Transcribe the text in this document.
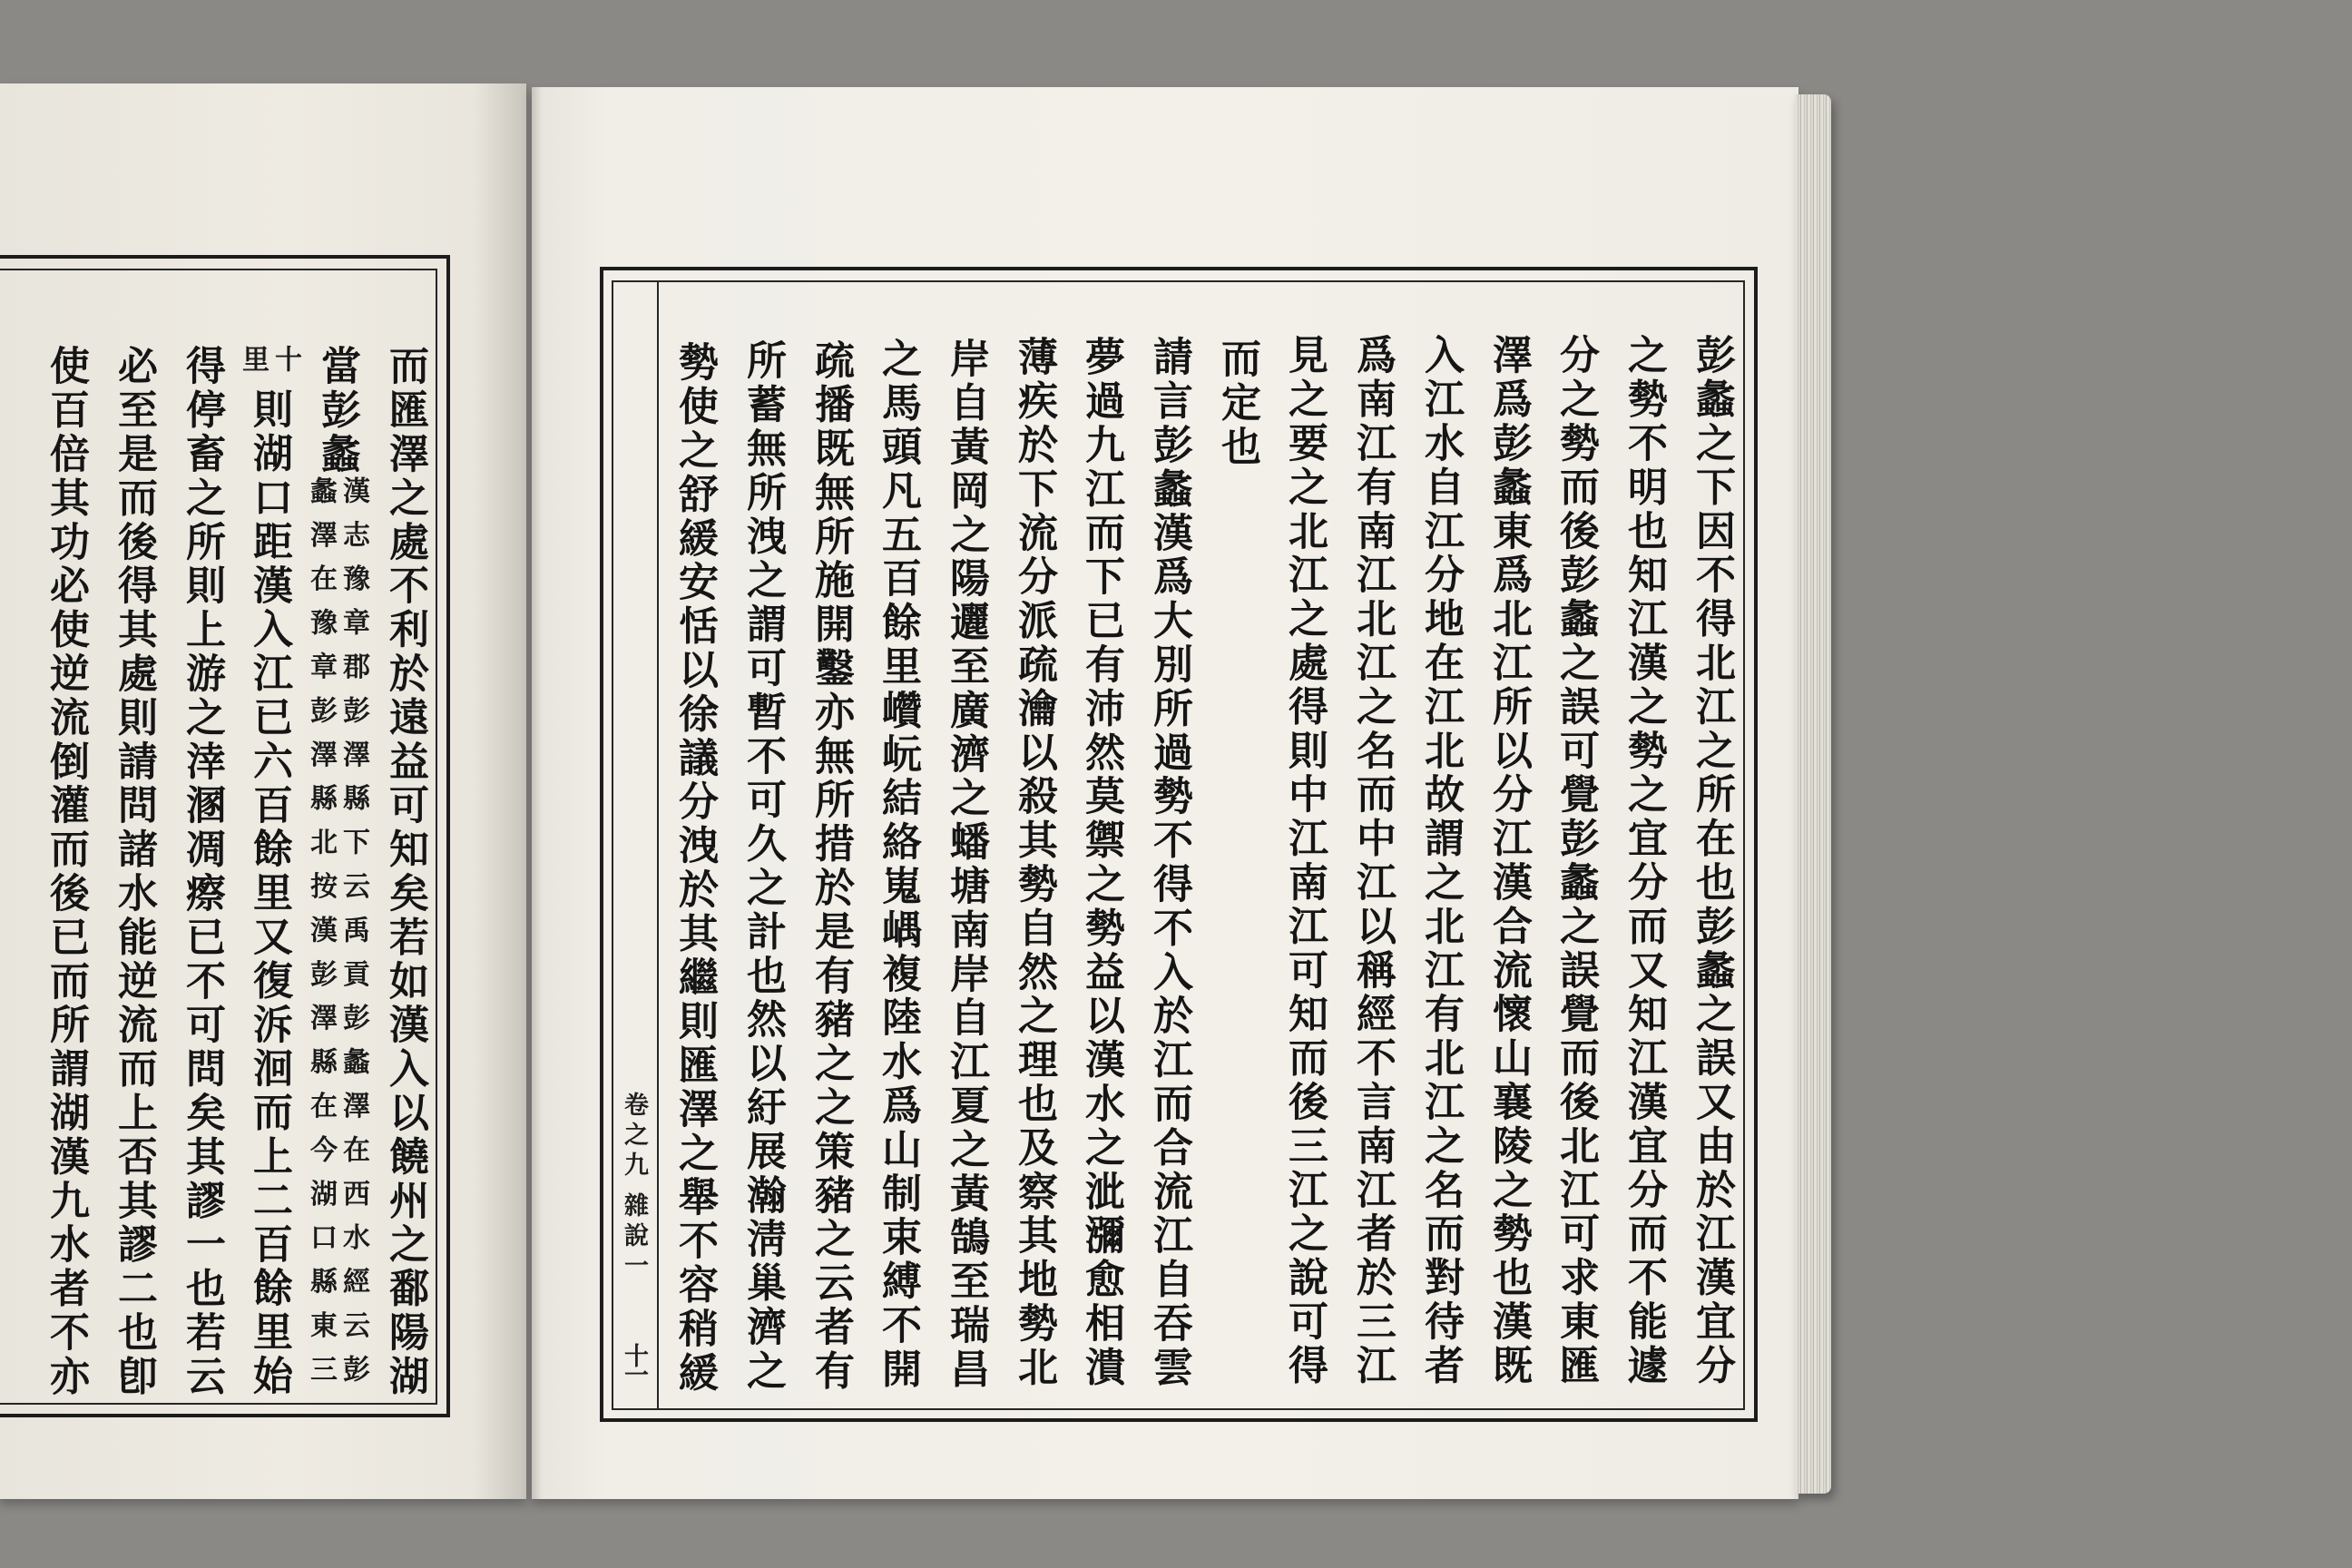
卷之九
雜說一
十一	彭蠡之下因不得北江之所在也彭蠡之誤又由於江漢宜分
之勢不明也知江漢之勢之宜分而又知江漢宜分而不能遽
分之勢而後彭蠡之誤可覺彭蠡之誤覺而後北江可求東匯
澤爲彭蠡東爲北江所以分江漢合流懷山襄陵之勢也漢既
入江水自江分地在江北故謂之北江有北江之名而對待者
爲南江有南江北江之名而中江以稱經不言南江者於三江
見之要之北江之處得則中江南江可知而後三江之說可得
而定也
請言彭蠡漢爲大別所過勢不得不入於江而合流江自吞雲
夢過九江而下已有沛然莫禦之勢益以漢水之泚瀰愈相潰
薄疾於下流分派疏瀹以殺其勢自然之理也及察其地勢北
岸自黃岡之陽邐至廣濟之蟠塘南岸自江夏之黃鵠至瑞昌
之馬頭凡五百餘里巑岏結絡嵬嵎複陸水爲山制束縛不開
疏播既無所施開鑿亦無所措於是有豬之之策豬之云者有
所蓄無所洩之謂可暫不可久之計也然以紆展瀚淸巢濟之
勢使之舒緩安恬以徐議分洩於其繼則匯澤之舉不容稍緩
而匯澤之處不利於遠益可知矣若如漢入以饒州之鄱陽湖
當彭蠡
漢志豫章郡彭澤縣下云禹貢彭蠡澤在西水經云彭
蠡澤在豫章彭澤縣北按漢彭澤縣在今湖口縣東三
十
里
則湖口距漢入江已六百餘里又復泝洄而上二百餘里始
得停畜之所則上游之涬溷凋瘵已不可問矣其謬一也若云
必至是而後得其處則請問諸水能逆流而上否其謬二也卽
使百倍其功必使逆流倒灌而後已而所謂湖漢九水者不亦
